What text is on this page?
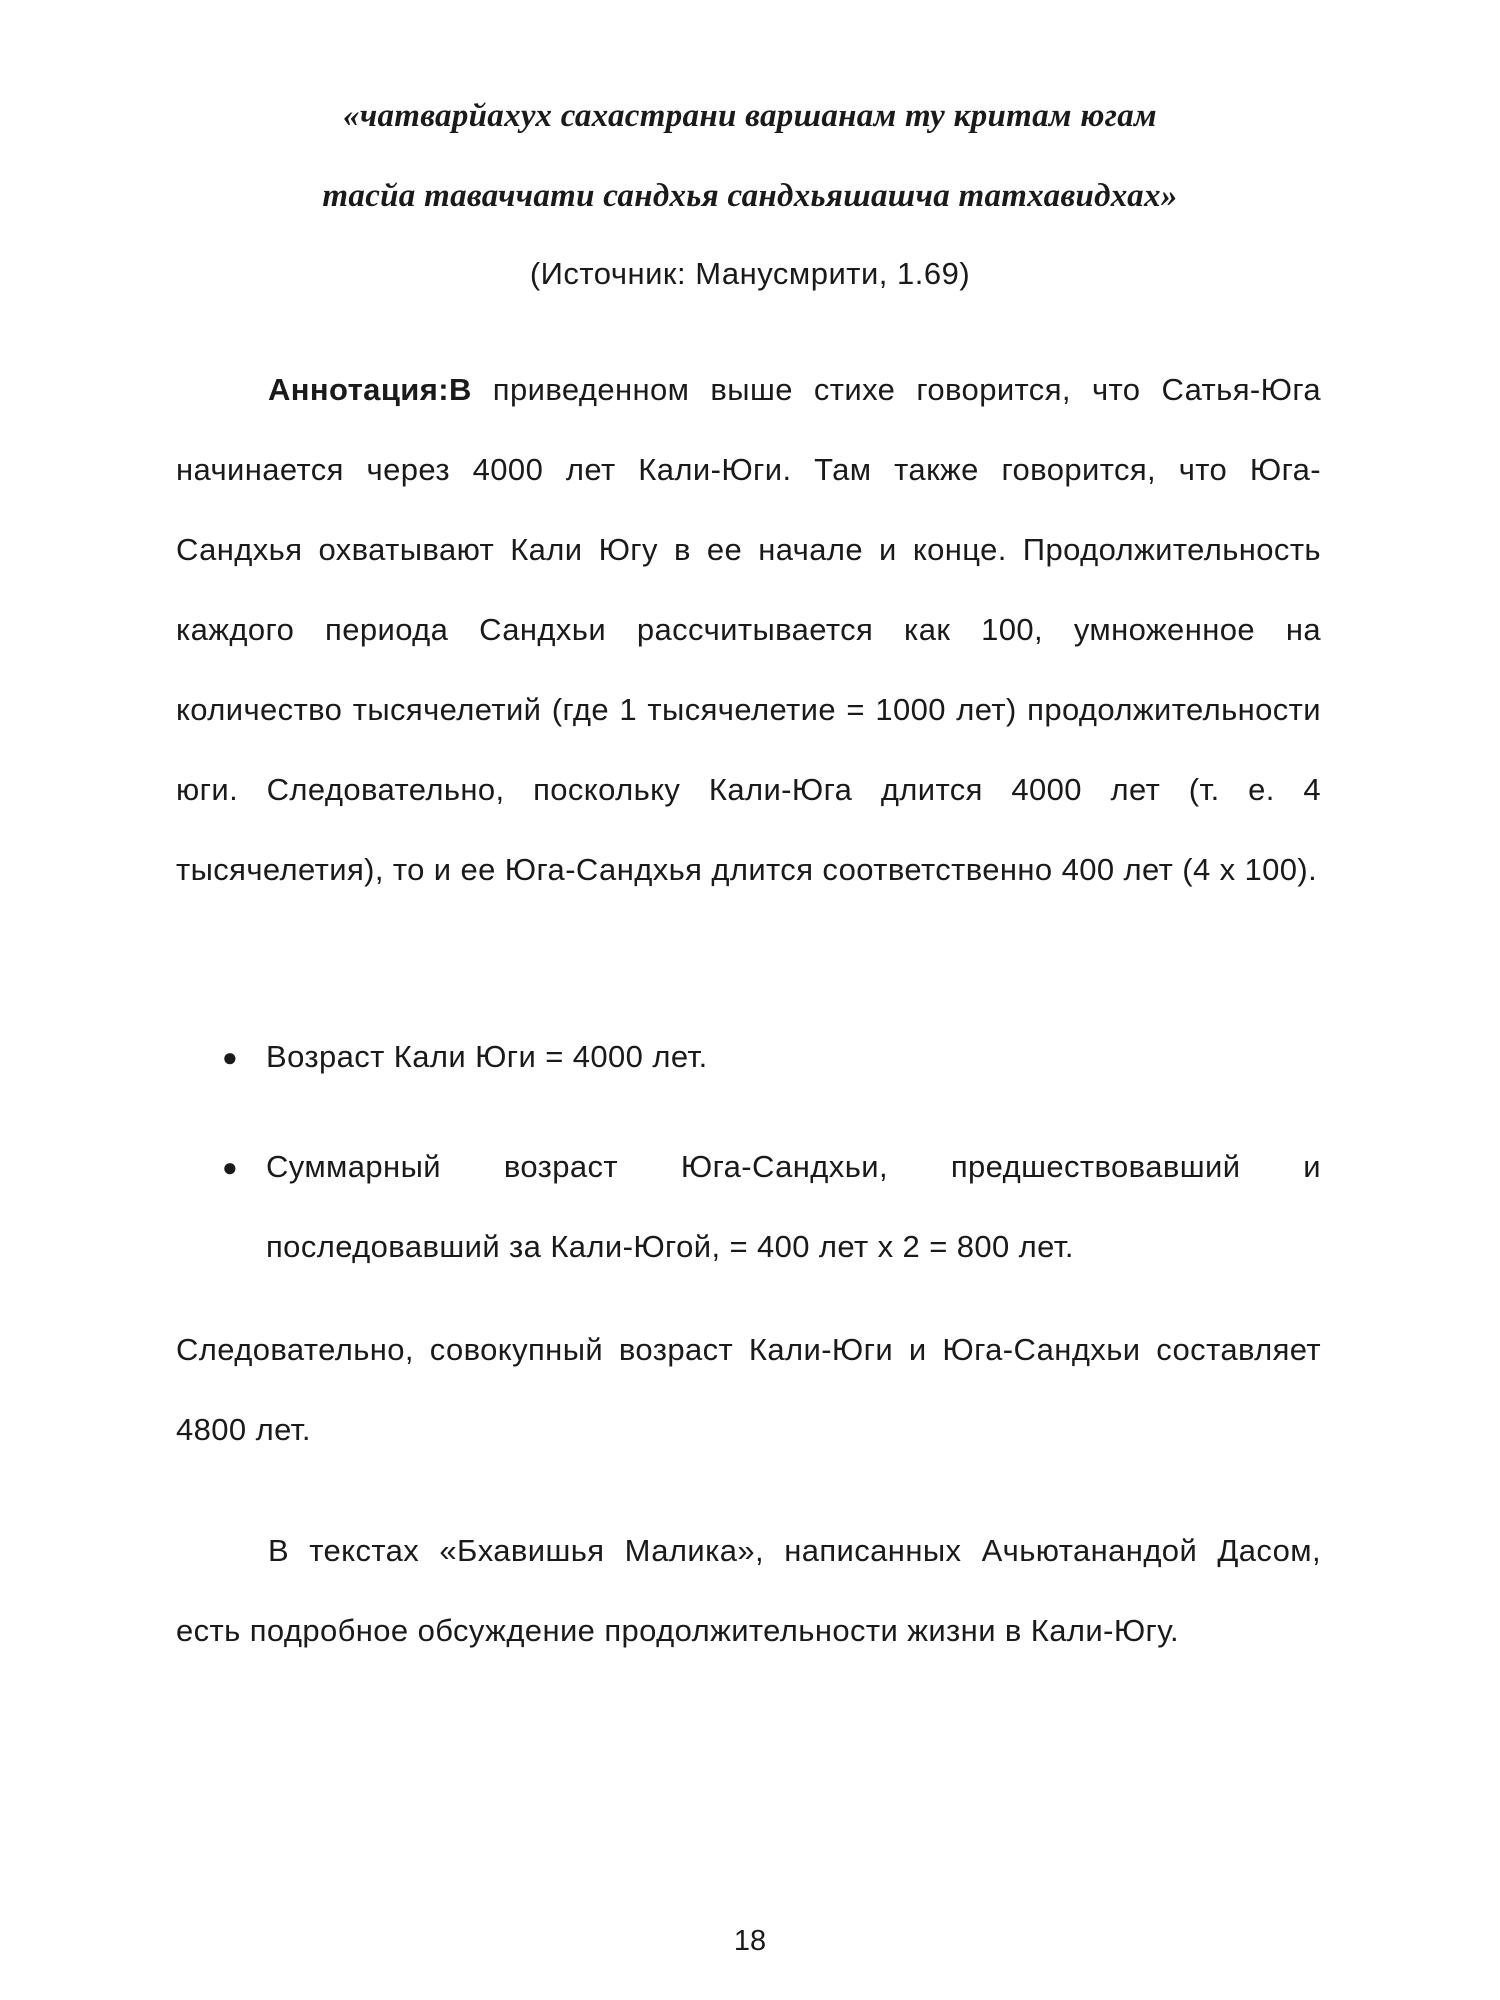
«чатварйахух сахастрани варшанам ту критам югам
тасйа таваччати сандхья сандхьяшашча татхавидхах»
(Источник: Манусмрити, 1.69)

Аннотация:В приведенном выше стихе говорится, что Сатья-Юга начинается через 4000 лет Кали-Юги. Там также говорится, что Юга-Сандхья охватывают Кали Югу в ее начале и конце. Продолжительность каждого периода Сандхьи рассчитывается как 100, умноженное на количество тысячелетий (где 1 тысячелетие = 1000 лет) продолжительности юги. Следовательно, поскольку Кали-Юга длится 4000 лет (т. е. 4 тысячелетия), то и ее Юга-Сандхья длится соответственно 400 лет (4 x 100).

● Возраст Кали Юги = 4000 лет.
● Суммарный возраст Юга-Сандхьи, предшествовавший и последовавший за Кали-Югой, = 400 лет x 2 = 800 лет.

Следовательно, совокупный возраст Кали-Юги и Юга-Сандхьи составляет 4800 лет.

В текстах «Бхавишья Малика», написанных Ачьютанандой Дасом, есть подробное обсуждение продолжительности жизни в Кали-Югу.

18
